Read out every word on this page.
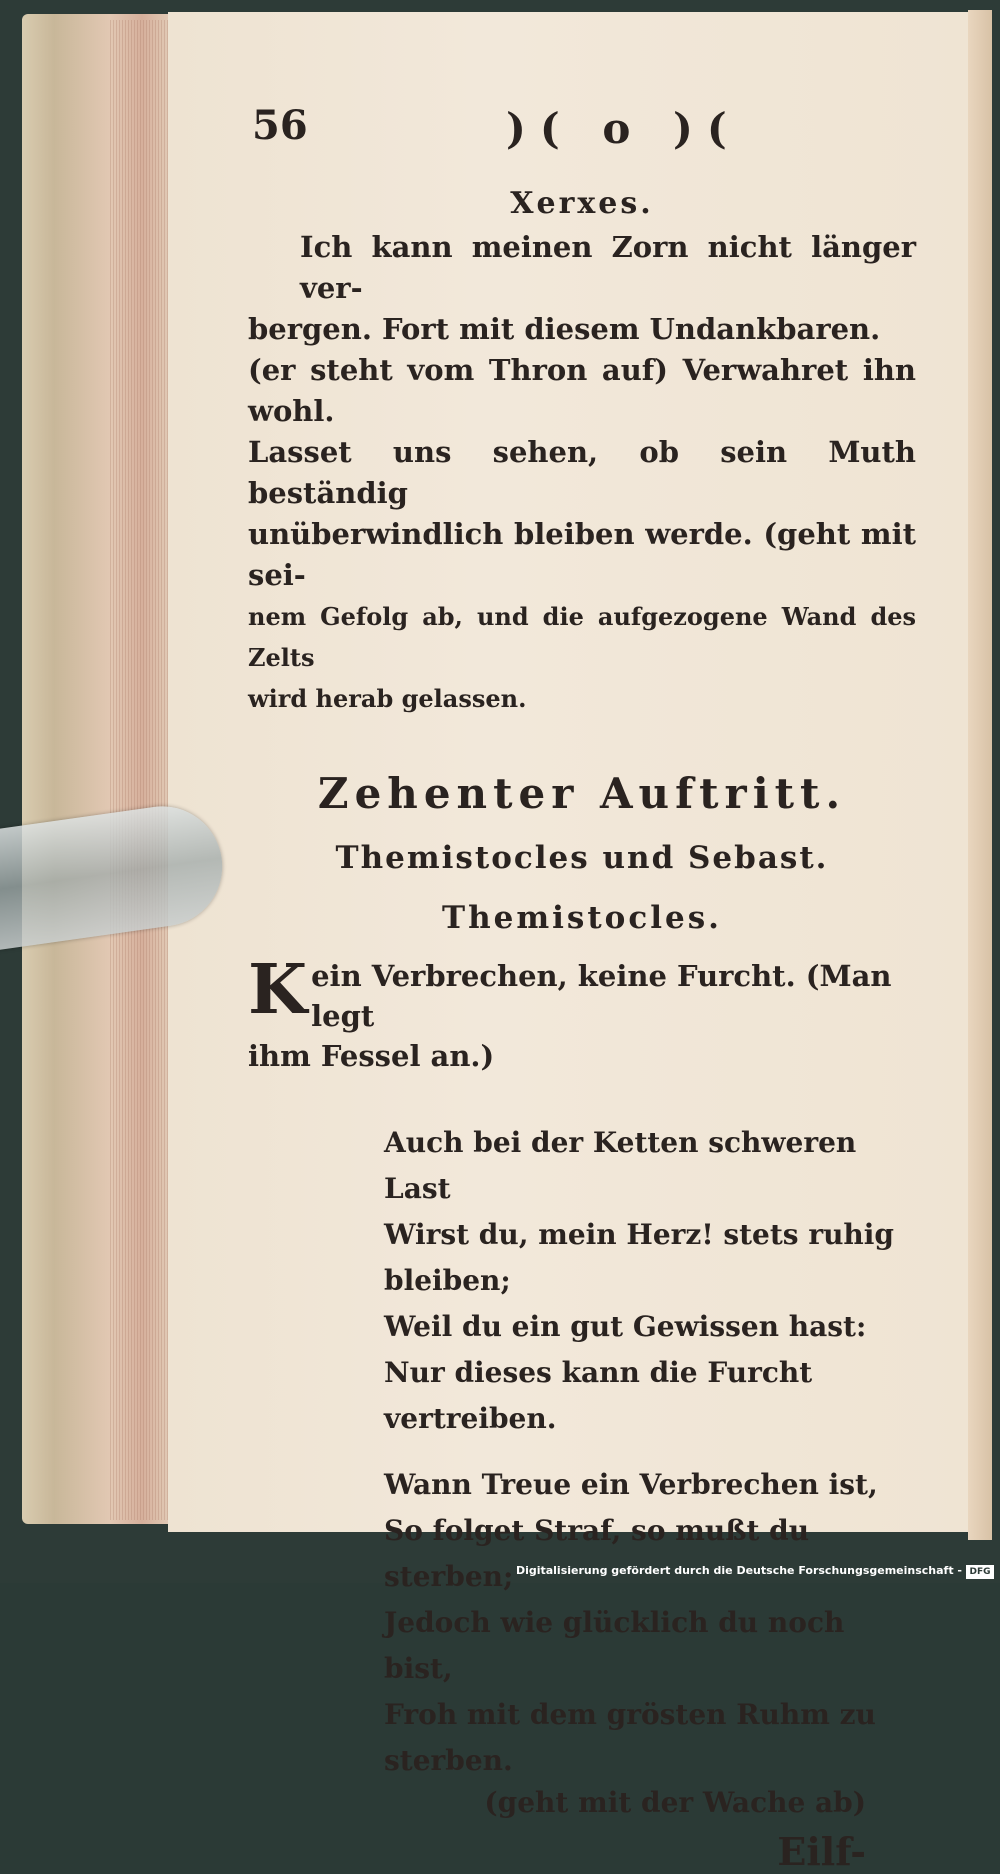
56	)( o )(
Xerxes.
Ich kann meinen Zorn nicht länger ver-
bergen. Fort mit diesem Undankbaren.
(er steht vom Thron auf) Verwahret ihn wohl.
Lasset uns sehen, ob sein Muth beständig
unüberwindlich bleiben werde. (geht mit sei-
nem Gefolg ab, und die aufgezogene Wand des Zelts
wird herab gelassen.
Zehenter Auftritt.
Themistocles und Sebast.
Themistocles.
K ein Verbrechen, keine Furcht. (Man legt
ihm Fessel an.)
Auch bei der Ketten schweren Last
Wirst du, mein Herz! stets ruhig bleiben;
Weil du ein gut Gewissen hast:
Nur dieses kann die Furcht vertreiben.
Wann Treue ein Verbrechen ist,
So folget Straf, so mußt du sterben;
Jedoch wie glücklich du noch bist,
Froh mit dem grösten Ruhm zu sterben.
(geht mit der Wache ab)
Eilf-
Digitalisierung gefördert durch die Deutsche Forschungsgemeinschaft - DFG
